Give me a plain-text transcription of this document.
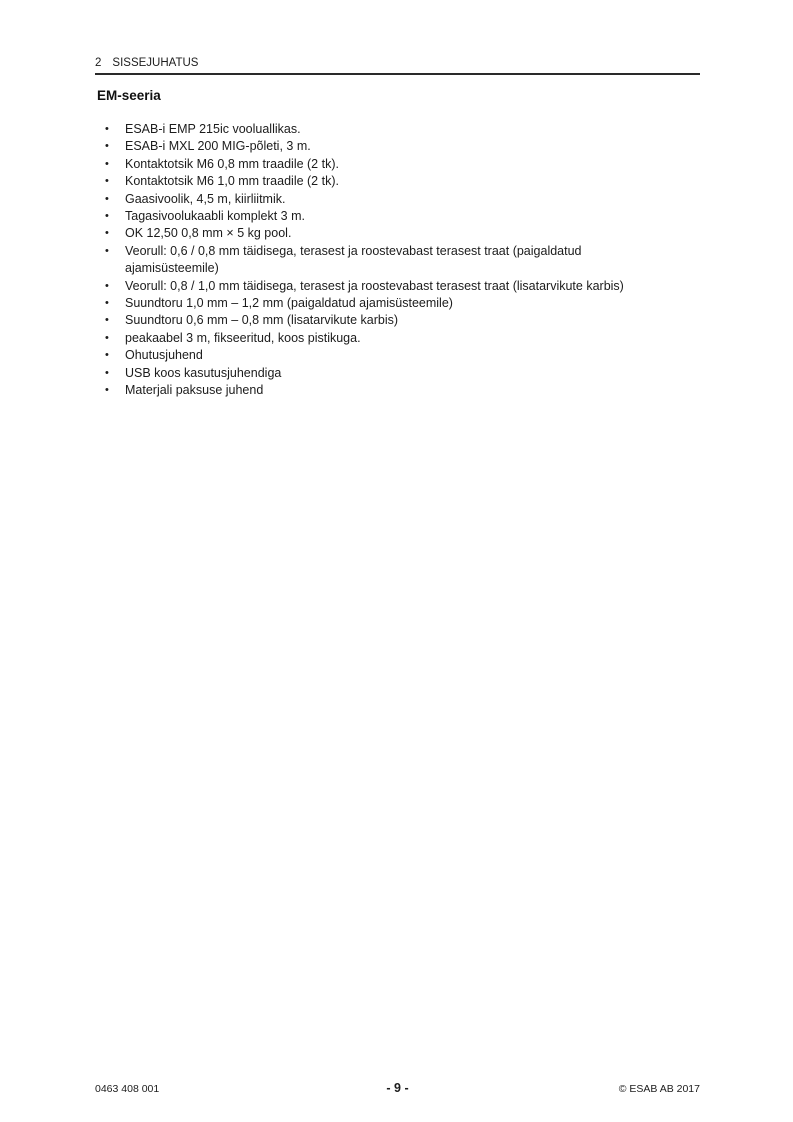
2 SISSEJUHATUS
EM-seeria
•	ESAB-i EMP 215ic vooluallikas.
•	ESAB-i MXL 200 MIG-põleti, 3 m.
•	Kontaktotsik M6 0,8 mm traadile (2 tk).
•	Kontaktotsik M6 1,0 mm traadile (2 tk).
•	Gaasivoolik, 4,5 m, kiirliitmik.
•	Tagasivoolukaabli komplekt 3 m.
•	OK 12,50 0,8 mm × 5 kg pool.
•	Veorull: 0,6 / 0,8 mm täidisega, terasest ja roostevabast terasest traat (paigaldatud ajamisüsteemile)
•	Veorull: 0,8 / 1,0 mm täidisega, terasest ja roostevabast terasest traat (lisatarvikute karbis)
•	Suundtoru 1,0 mm – 1,2 mm (paigaldatud ajamisüsteemile)
•	Suundtoru 0,6 mm – 0,8 mm (lisatarvikute karbis)
•	peakaabel 3 m, fikseeritud, koos pistikuga.
•	Ohutusjuhend
•	USB koos kasutusjuhendiga
•	Materjali paksuse juhend
0463 408 001	- 9 -	© ESAB AB 2017
